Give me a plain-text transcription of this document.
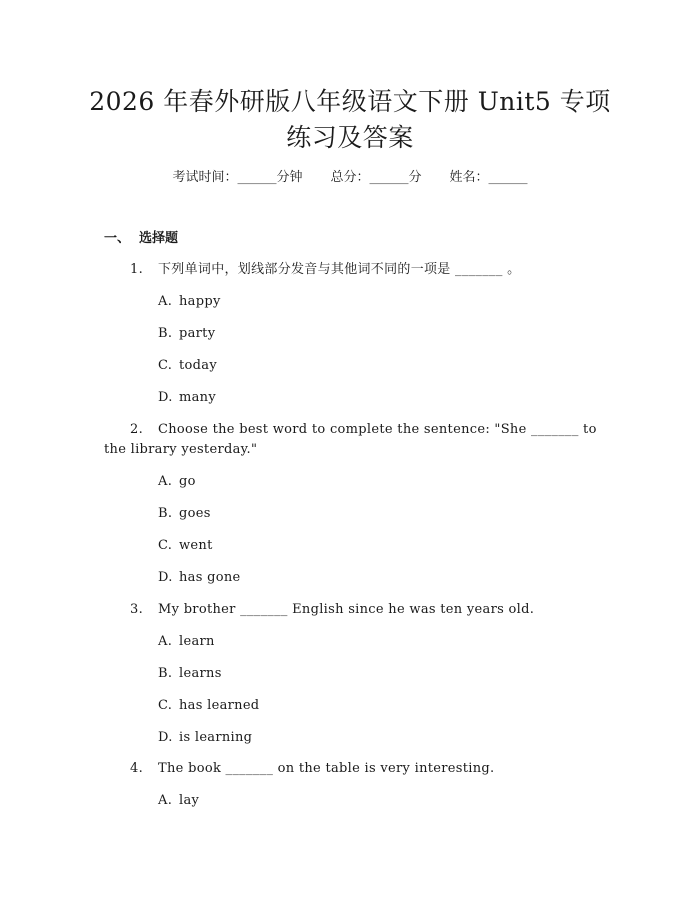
2026 年春外研版八年级语文下册 Unit5 专项
练习及答案
考试时间：______分钟 总分：______分 姓名：______
一、  选择题
1. 下列单词中，划线部分发音与其他词不同的一项是 _______ 。
A. happy
B. party
C. today
D. many
2. Choose the best word to complete the sentence: "She _______ to
the library yesterday."
A. go
B. goes
C. went
D. has gone
3. My brother _______ English since he was ten years old.
A. learn
B. learns
C. has learned
D. is learning
4. The book _______ on the table is very interesting.
A. lay
